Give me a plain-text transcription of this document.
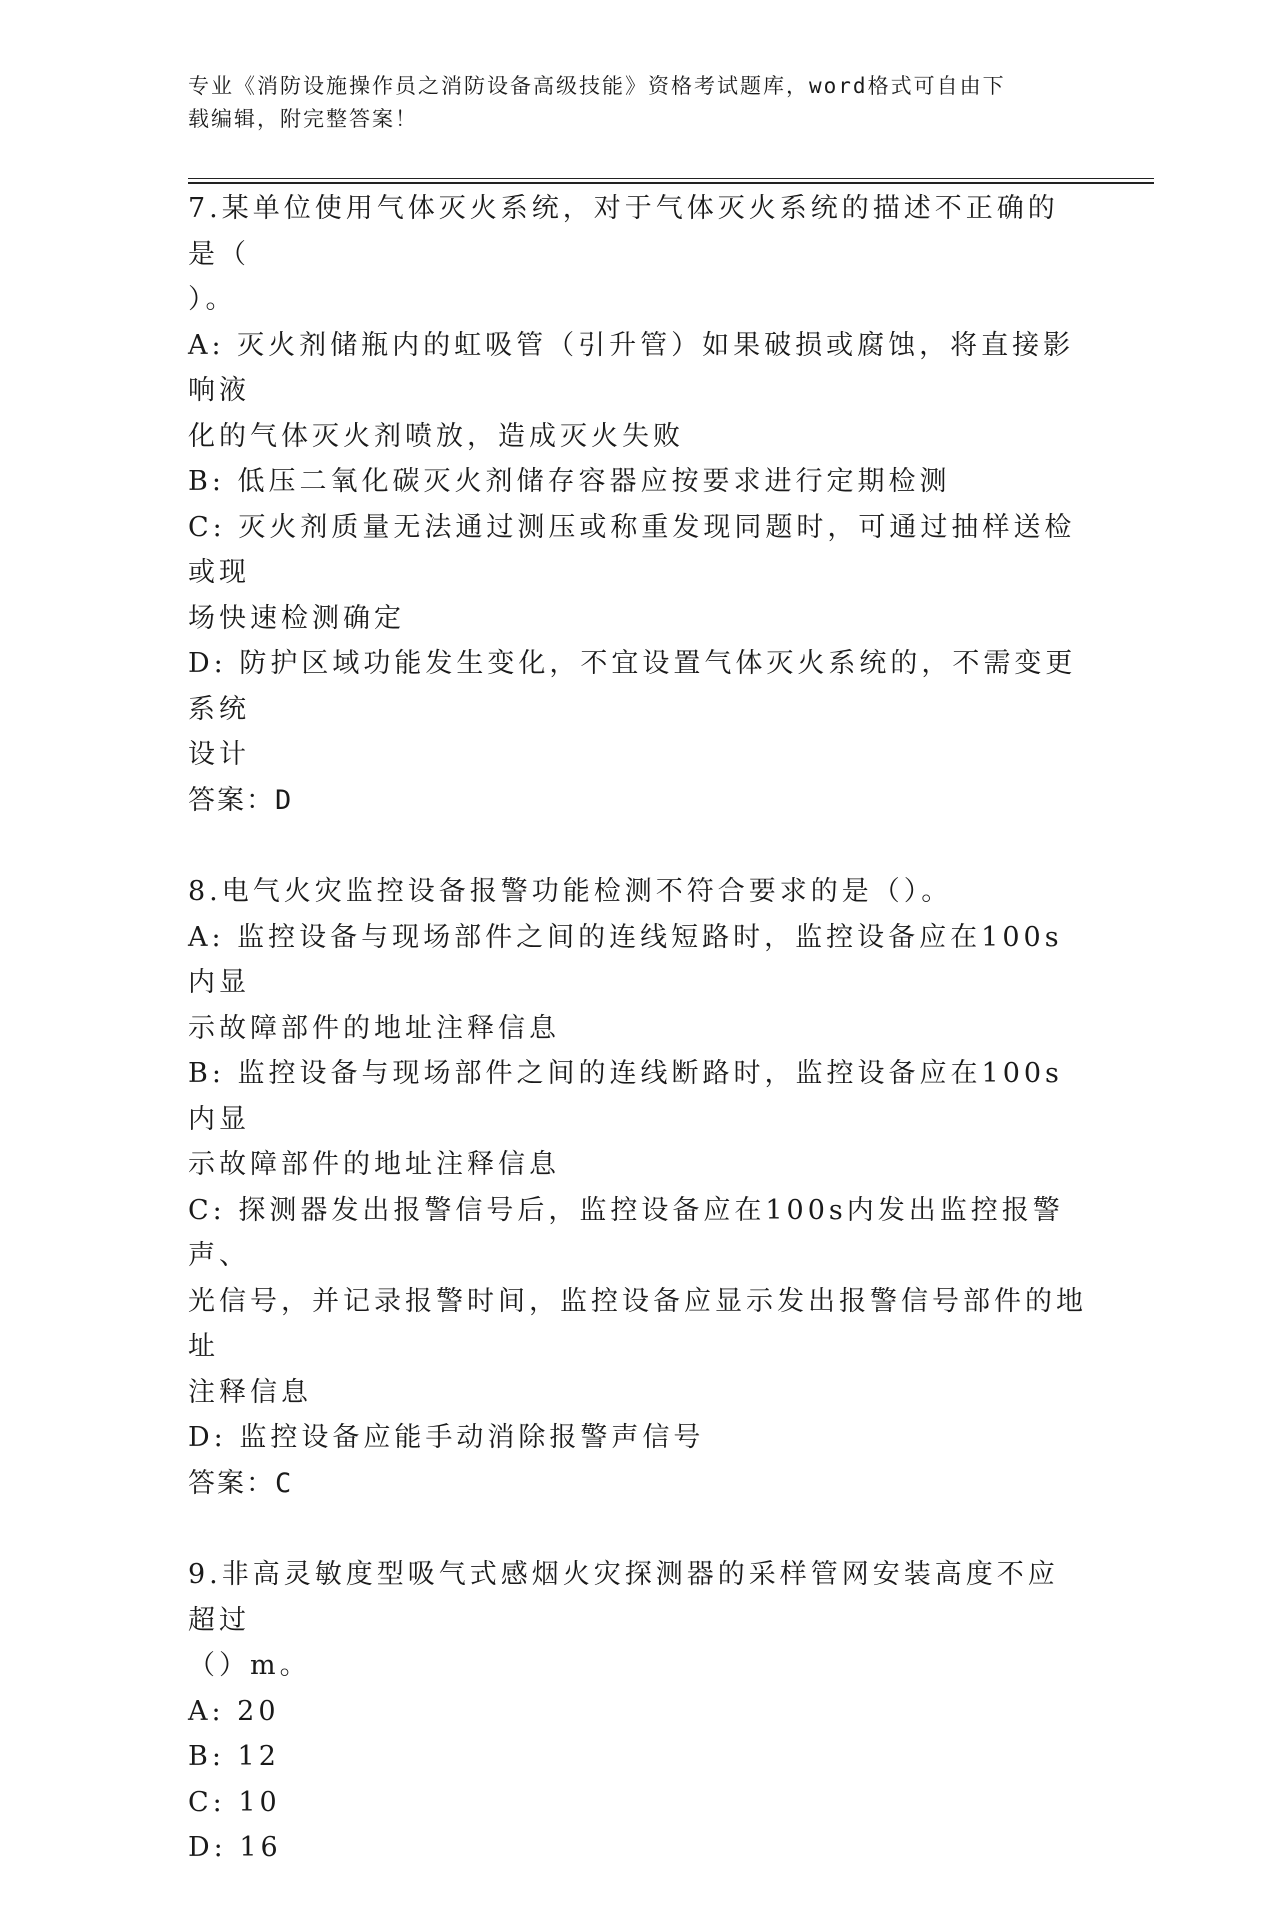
专业《消防设施操作员之消防设备高级技能》资格考试题库，word格式可自由下
载编辑，附完整答案！

7.某单位使用气体灭火系统，对于气体灭火系统的描述不正确的是（

）。

A: 灭火剂储瓶内的虹吸管（引升管）如果破损或腐蚀，将直接影响液

化的气体灭火剂喷放，造成灭火失败

B: 低压二氧化碳灭火剂储存容器应按要求进行定期检测

C: 灭火剂质量无法通过测压或称重发现同题时，可通过抽样送检或现

场快速检测确定

D: 防护区域功能发生变化，不宜设置气体灭火系统的，不需变更系统

设计

答案：D

8.电气火灾监控设备报警功能检测不符合要求的是（）。

A: 监控设备与现场部件之间的连线短路时，监控设备应在100s内显

示故障部件的地址注释信息

B: 监控设备与现场部件之间的连线断路时，监控设备应在100s内显

示故障部件的地址注释信息

C: 探测器发出报警信号后，监控设备应在100s内发出监控报警声、

光信号，并记录报警时间，监控设备应显示发出报警信号部件的地址

注释信息

D: 监控设备应能手动消除报警声信号

答案：C

9.非高灵敏度型吸气式感烟火灾探测器的采样管网安装高度不应超过

（）m。

A: 20

B: 12

C: 10

D: 16
